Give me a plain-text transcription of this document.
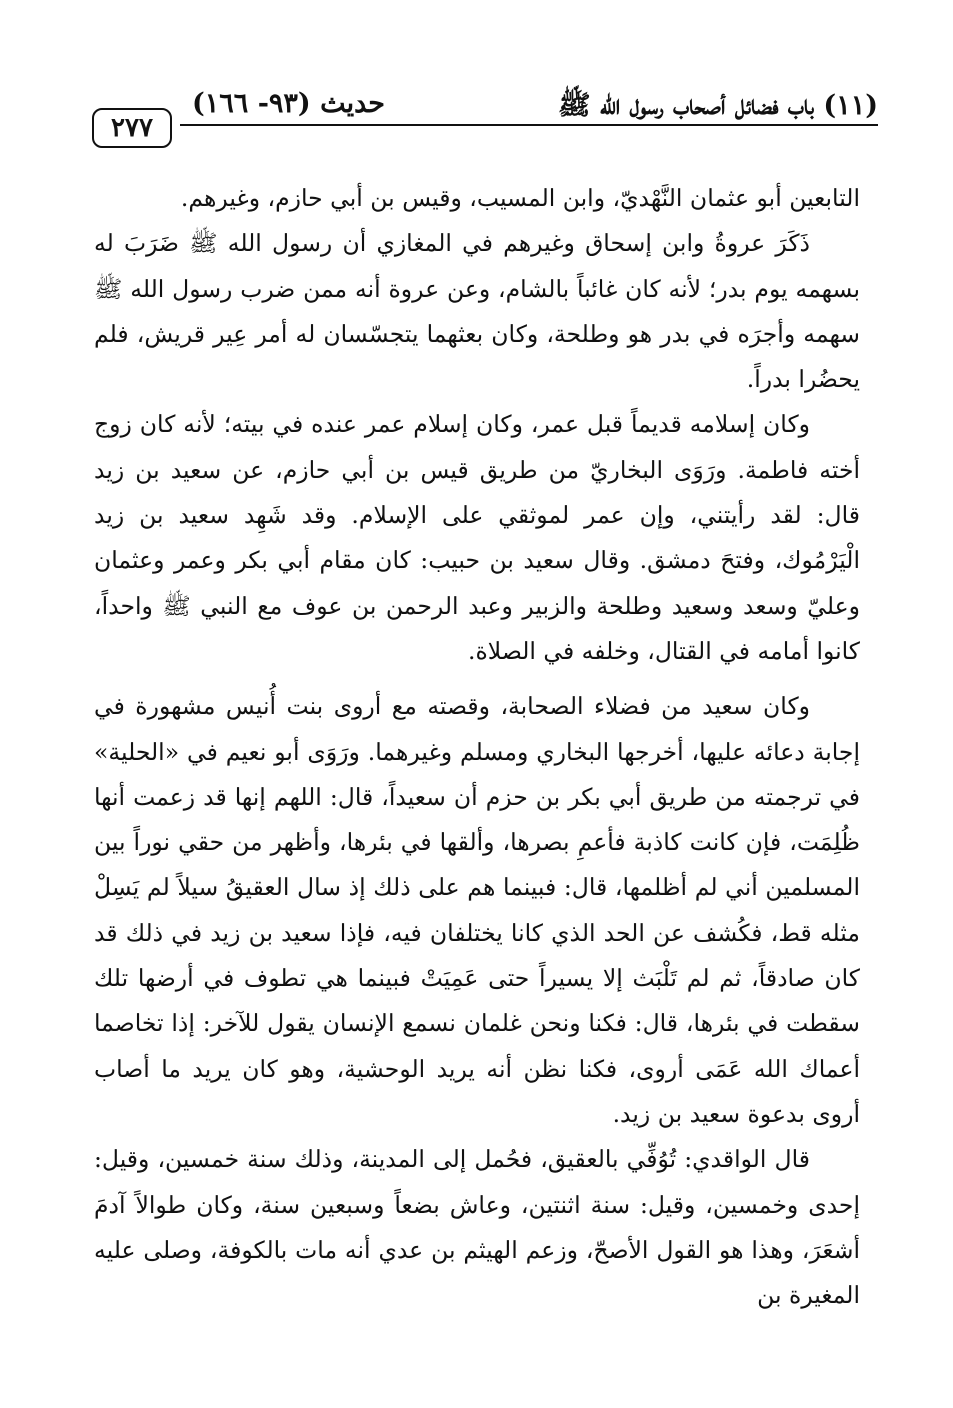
(١١) باب فضائل أصحاب رسول الله ﷺ
حديث (٩٣- ١٦٦)
٢٧٧

التابعين أبو عثمان النَّهْديّ، وابن المسيب، وقيس بن أبي حازم، وغيرهم.

ذَكَرَ عروةُ وابن إسحاق وغيرهم في المغازي أن رسول الله ﷺ ضَرَبَ له بسهمه يوم بدر؛ لأنه كان غائباً بالشام، وعن عروة أنه ممن ضرب رسول الله ﷺ سهمه وأجرَه في بدر هو وطلحة، وكان بعثهما يتجسّسان له أمر عِير قريش، فلم يحضُرا بدراً.

وكان إسلامه قديماً قبل عمر، وكان إسلام عمر عنده في بيته؛ لأنه كان زوج أخته فاطمة. ورَوَى البخاريّ من طريق قيس بن أبي حازم، عن سعيد بن زيد قال: لقد رأيتني، وإن عمر لموثقي على الإسلام. وقد شَهِد سعيد بن زيد الْيَرْمُوك، وفتحَ دمشق. وقال سعيد بن حبيب: كان مقام أبي بكر وعمر وعثمان وعليّ وسعد وسعيد وطلحة والزبير وعبد الرحمن بن عوف مع النبي ﷺ واحداً، كانوا أمامه في القتال، وخلفه في الصلاة.

وكان سعيد من فضلاء الصحابة، وقصته مع أروى بنت أُنيس مشهورة في إجابة دعائه عليها، أخرجها البخاري ومسلم وغيرهما. ورَوَى أبو نعيم في «الحلية» في ترجمته من طريق أبي بكر بن حزم أن سعيداً، قال: اللهم إنها قد زعمت أنها ظُلِمَت، فإن كانت كاذبة فأعمِ بصرها، وألقها في بئرها، وأظهر من حقي نوراً بين المسلمين أني لم أظلمها، قال: فبينما هم على ذلك إذ سال العقيقُ سيلاً لم يَسِلْ مثله قط، فكُشف عن الحد الذي كانا يختلفان فيه، فإذا سعيد بن زيد في ذلك قد كان صادقاً، ثم لم تَلْبَث إلا يسيراً حتى عَمِيَتْ فبينما هي تطوف في أرضها تلك سقطت في بئرها، قال: فكنا ونحن غلمان نسمع الإنسان يقول للآخر: إذا تخاصما أعماك الله عَمَى أروى، فكنا نظن أنه يريد الوحشية، وهو كان يريد ما أصاب أروى بدعوة سعيد بن زيد.

قال الواقدي: تُوُفِّي بالعقيق، فحُمل إلى المدينة، وذلك سنة خمسين، وقيل: إحدى وخمسين، وقيل: سنة اثنتين، وعاش بضعاً وسبعين سنة، وكان طوالاً آدمَ أشعَرَ، وهذا هو القول الأصحّ، وزعم الهيثم بن عدي أنه مات بالكوفة، وصلى عليه المغيرة بن
